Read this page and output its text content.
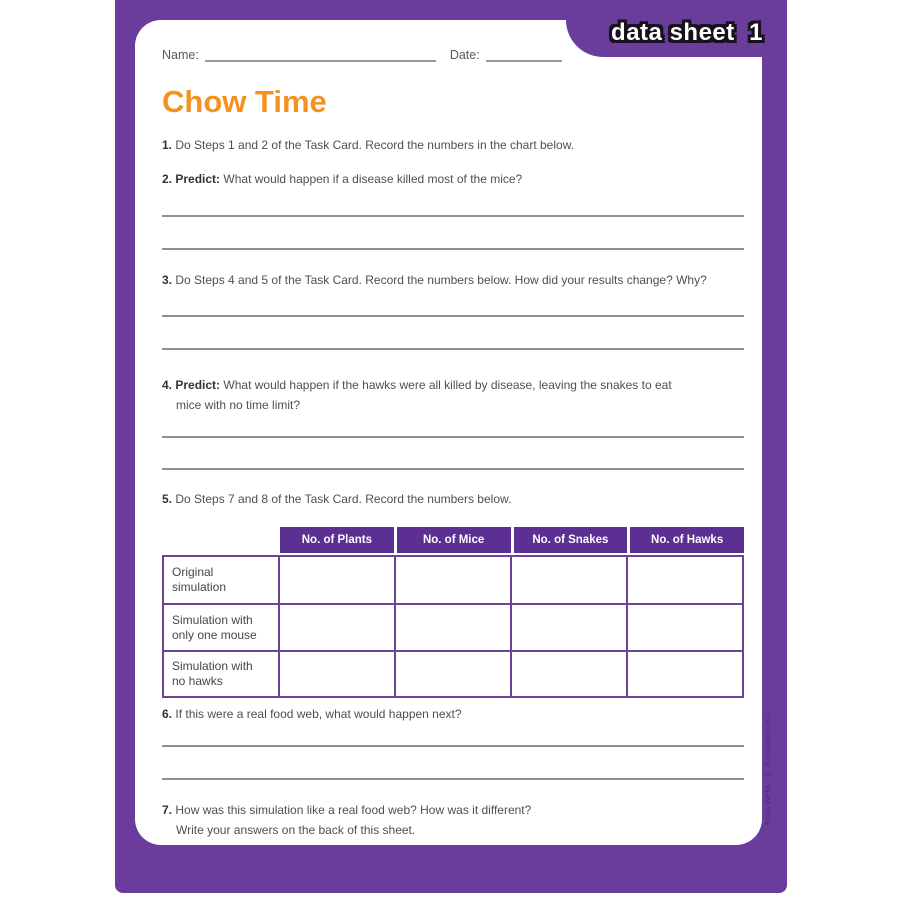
Name:	Date:
Chow Time
1. Do Steps 1 and 2 of the Task Card. Record the numbers in the chart below.
2. Predict: What would happen if a disease killed most of the mice?
3. Do Steps 4 and 5 of the Task Card. Record the numbers below. How did your results change? Why?
4. Predict: What would happen if the hawks were all killed by disease, leaving the snakes to eat
mice with no time limit?
5. Do Steps 7 and 8 of the Task Card. Record the numbers below.
No. of Plants	No. of Mice	No. of Snakes	No. of Hawks
Original simulation
Simulation with only one mouse
Simulation with no hawks
6. If this were a real food web, what would happen next?
7. How was this simulation like a real food web? How was it different?
Write your answers on the back of this sheet.
data sheet  1
Food Webs   © Scholastic Inc.
